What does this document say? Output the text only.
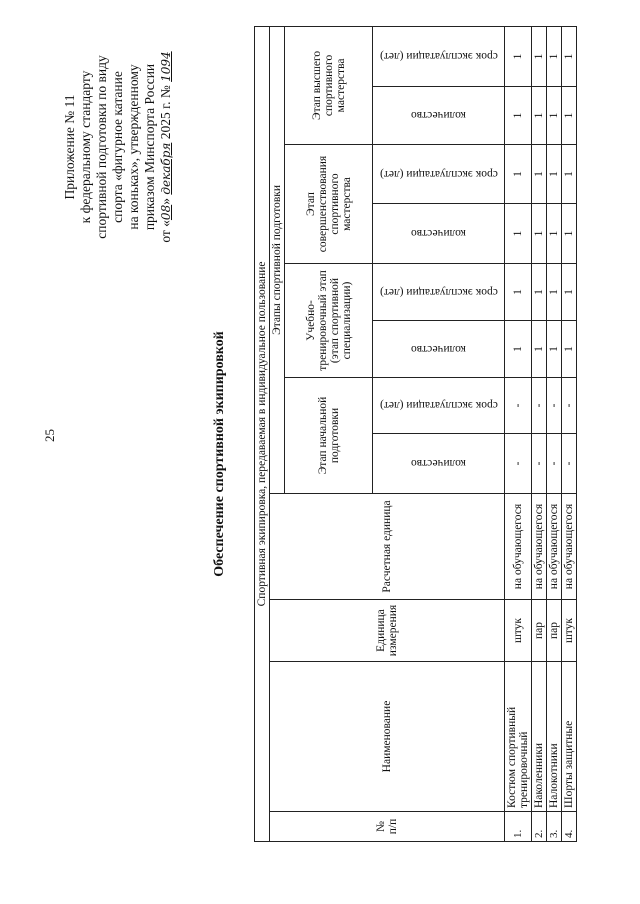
25
Приложение № 11 к федеральному стандарту спортивной подготовки по виду спорта «фигурное катание на коньках», утвержденному приказом Минспорта России
от «08» декабря 2025 г. № 1094
Обеспечение спортивной экипировкой	Спортивная экипировка, передаваемая в индивидуальное пользование											
№ п/п	Наименование	Единица измерения	Расчетная единица	Этапы спортивной подготовки							
				Этап начальной подготовки		Учебно-тренировочный этап (этап спортивной специализации)		Этап совершенствования спортивного мастерства		Этап высшего спортивного мастерства	

				количество	срок эксплуатации (лет)	количество	срок эксплуатации (лет)	количество	срок эксплуатации (лет)	количество	срок эксплуатации (лет)

1.	Костюм спортивный тренировочный	штук	на обучающегося	-	-	1	1	1	1	1	1
2.	Наколенники	пар	на обучающегося	-	-	1	1	1	1	1	1
3.	Налокотники	пар	на обучающегося	-	-	1	1	1	1	1	1
4.	Шорты защитные	штук	на обучающегося	-	-	1	1	1	1	1	1
